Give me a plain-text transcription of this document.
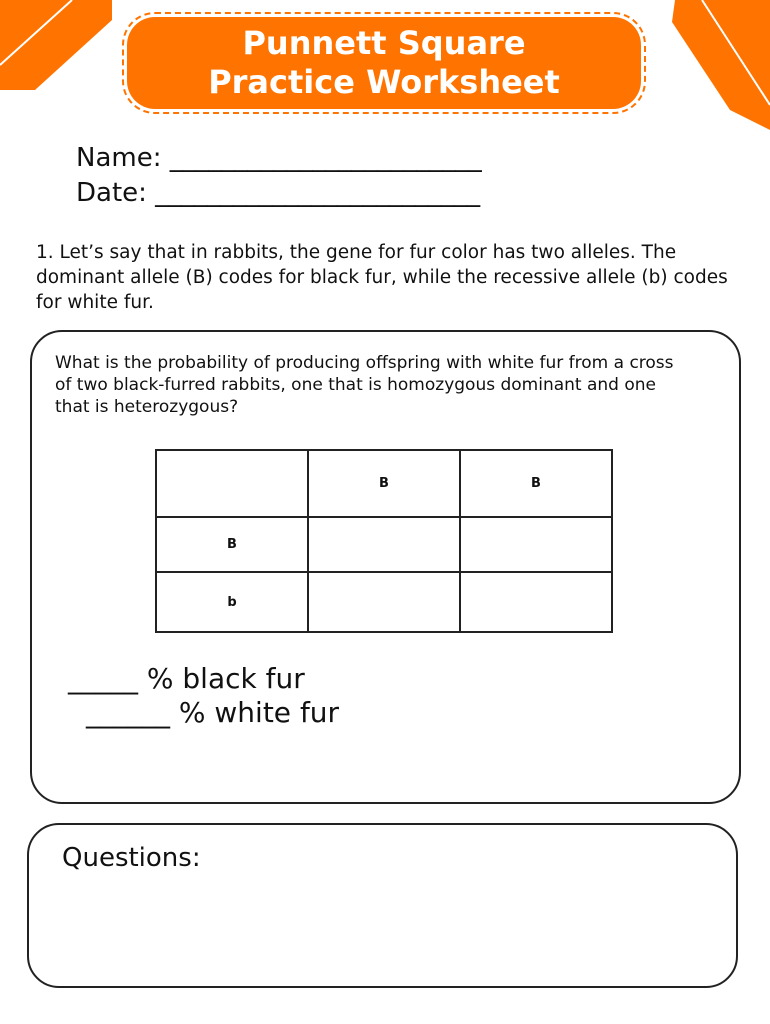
Punnett Square
Practice Worksheet
Name: ________________________
Date: _________________________
1. Let’s say that in rabbits, the gene for fur color has two alleles. The dominant allele (B) codes for black fur, while the recessive allele (b) codes for white fur.
What is the probability of producing offspring with white fur from a cross of two black-furred rabbits, one that is homozygous dominant and one that is heterozygous?
	B	B
B		
b		
_____ % black fur
______ % white fur
Questions:
